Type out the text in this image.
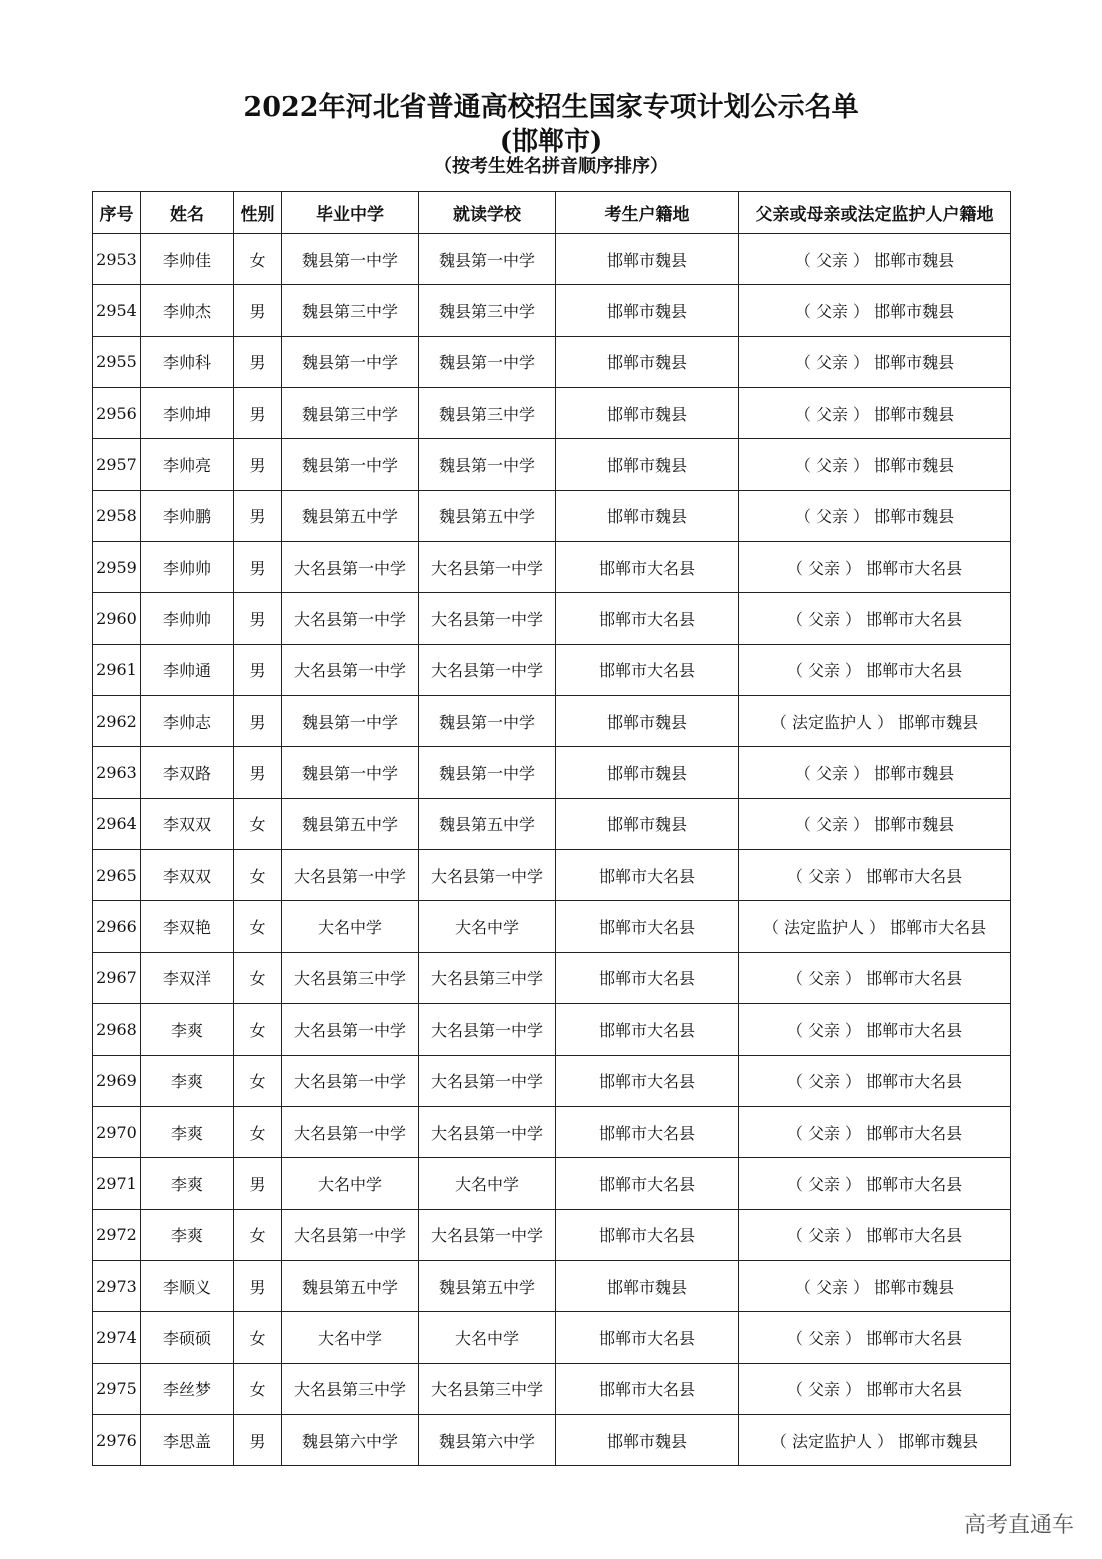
2022年河北省普通高校招生国家专项计划公示名单
(邯郸市)
（按考生姓名拼音顺序排序）
序号	姓名	性别	毕业中学	就读学校	考生户籍地	父亲或母亲或法定监护人户籍地
2953	李帅佳	女	魏县第一中学	魏县第一中学	邯郸市魏县	（ 父亲 ） 邯郸市魏县
2954	李帅杰	男	魏县第三中学	魏县第三中学	邯郸市魏县	（ 父亲 ） 邯郸市魏县
2955	李帅科	男	魏县第一中学	魏县第一中学	邯郸市魏县	（ 父亲 ） 邯郸市魏县
2956	李帅坤	男	魏县第三中学	魏县第三中学	邯郸市魏县	（ 父亲 ） 邯郸市魏县
2957	李帅亮	男	魏县第一中学	魏县第一中学	邯郸市魏县	（ 父亲 ） 邯郸市魏县
2958	李帅鹏	男	魏县第五中学	魏县第五中学	邯郸市魏县	（ 父亲 ） 邯郸市魏县
2959	李帅帅	男	大名县第一中学	大名县第一中学	邯郸市大名县	（ 父亲 ） 邯郸市大名县
2960	李帅帅	男	大名县第一中学	大名县第一中学	邯郸市大名县	（ 父亲 ） 邯郸市大名县
2961	李帅通	男	大名县第一中学	大名县第一中学	邯郸市大名县	（ 父亲 ） 邯郸市大名县
2962	李帅志	男	魏县第一中学	魏县第一中学	邯郸市魏县	（ 法定监护人 ） 邯郸市魏县
2963	李双路	男	魏县第一中学	魏县第一中学	邯郸市魏县	（ 父亲 ） 邯郸市魏县
2964	李双双	女	魏县第五中学	魏县第五中学	邯郸市魏县	（ 父亲 ） 邯郸市魏县
2965	李双双	女	大名县第一中学	大名县第一中学	邯郸市大名县	（ 父亲 ） 邯郸市大名县
2966	李双艳	女	大名中学	大名中学	邯郸市大名县	（ 法定监护人 ） 邯郸市大名县
2967	李双洋	女	大名县第三中学	大名县第三中学	邯郸市大名县	（ 父亲 ） 邯郸市大名县
2968	李爽	女	大名县第一中学	大名县第一中学	邯郸市大名县	（ 父亲 ） 邯郸市大名县
2969	李爽	女	大名县第一中学	大名县第一中学	邯郸市大名县	（ 父亲 ） 邯郸市大名县
2970	李爽	女	大名县第一中学	大名县第一中学	邯郸市大名县	（ 父亲 ） 邯郸市大名县
2971	李爽	男	大名中学	大名中学	邯郸市大名县	（ 父亲 ） 邯郸市大名县
2972	李爽	女	大名县第一中学	大名县第一中学	邯郸市大名县	（ 父亲 ） 邯郸市大名县
2973	李顺义	男	魏县第五中学	魏县第五中学	邯郸市魏县	（ 父亲 ） 邯郸市魏县
2974	李硕硕	女	大名中学	大名中学	邯郸市大名县	（ 父亲 ） 邯郸市大名县
2975	李丝梦	女	大名县第三中学	大名县第三中学	邯郸市大名县	（ 父亲 ） 邯郸市大名县
2976	李思盖	男	魏县第六中学	魏县第六中学	邯郸市魏县	（ 法定监护人 ） 邯郸市魏县
高考直通车
